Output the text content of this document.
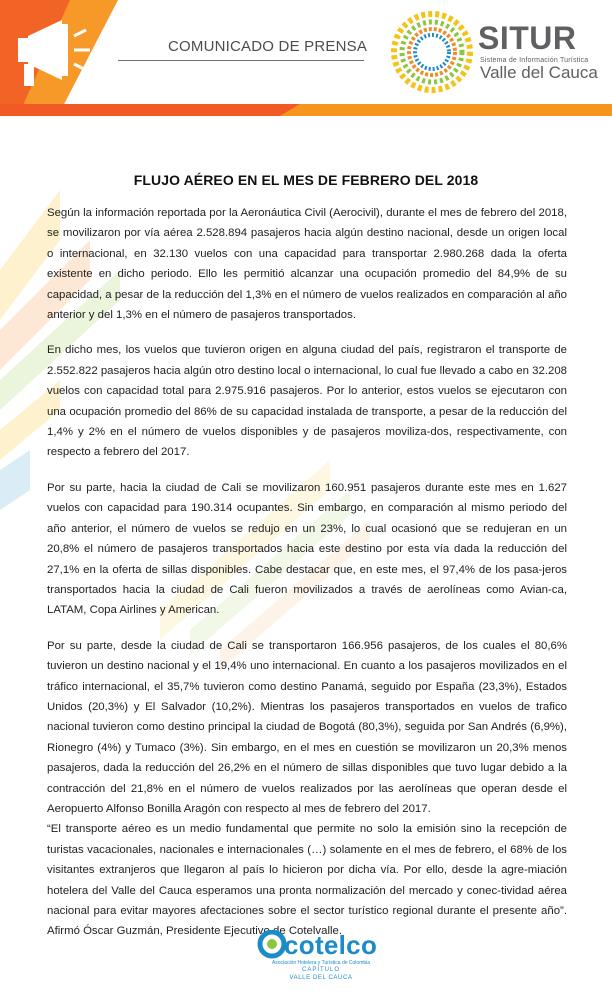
COMUNICADO DE PRENSA	SITUR
Sistema de Información Turística
Valle del Cauca
FLUJO AÉREO EN EL MES DE FEBRERO DEL 2018

Según la información reportada por la Aeronáutica Civil (Aerocivil), durante el mes de febrero del 2018, se movilizaron por vía aérea 2.528.894 pasajeros hacia algún destino nacional, desde un origen local o internacional, en 32.130 vuelos con una capacidad para transportar 2.980.268 dada la oferta existente en dicho periodo. Ello les permitió alcanzar una ocupación promedio del 84,9% de su capacidad, a pesar de la reducción del 1,3% en el número de vuelos realizados en comparación al año anterior y del 1,3% en el número de pasajeros transportados.

En dicho mes, los vuelos que tuvieron origen en alguna ciudad del país, registraron el transporte de 2.552.822 pasajeros hacia algún otro destino local o internacional, lo cual fue llevado a cabo en 32.208 vuelos con capacidad total para 2.975.916 pasajeros. Por lo anterior, estos vuelos se ejecutaron con una ocupación promedio del 86% de su capacidad instalada de transporte, a pesar de la reducción del 1,4% y 2% en el número de vuelos disponibles y de pasajeros moviliza-dos, respectivamente, con respecto a febrero del 2017.

Por su parte, hacia la ciudad de Cali se movilizaron 160.951 pasajeros durante este mes en 1.627 vuelos con capacidad para 190.314 ocupantes. Sin embargo, en comparación al mismo periodo del año anterior, el número de vuelos se redujo en un 23%, lo cual ocasionó que se redujeran en un 20,8% el número de pasajeros transportados hacia este destino por esta vía dada la reducción del 27,1% en la oferta de sillas disponibles. Cabe destacar que, en este mes, el 97,4% de los pasa-jeros transportados hacia la ciudad de Cali fueron movilizados a través de aerolíneas como Avian-ca, LATAM, Copa Airlines y American.

Por su parte, desde la ciudad de Cali se transportaron 166.956 pasajeros, de los cuales el 80,6% tuvieron un destino nacional y el 19,4% uno internacional. En cuanto a los pasajeros movilizados en el tráfico internacional, el 35,7% tuvieron como destino Panamá, seguido por España (23,3%), Estados Unidos (20,3%) y El Salvador (10,2%). Mientras los pasajeros transportados en vuelos de trafico nacional tuvieron como destino principal la ciudad de Bogotá (80,3%), seguida por San Andrés (6,9%), Rionegro (4%) y Tumaco (3%). Sin embargo, en el mes en cuestión se movilizaron un 20,3% menos pasajeros, dada la reducción del 26,2% en el número de sillas disponibles que tuvo lugar debido a la contracción del 21,8% en el número de vuelos realizados por las aerolíneas que operan desde el Aeropuerto Alfonso Bonilla Aragón con respecto al mes de febrero del 2017.

“El transporte aéreo es un medio fundamental que permite no solo la emisión sino la recepción de turistas vacacionales, nacionales e internacionales (…) solamente en el mes de febrero, el 68% de los visitantes extranjeros que llegaron al país lo hicieron por dicha vía. Por ello, desde la agre-miación hotelera del Valle del Cauca esperamos una pronta normalización del mercado y conec-tividad aérea nacional para evitar mayores afectaciones sobre el sector turístico regional durante el presente año”. Afirmó Óscar Guzmán, Presidente Ejecutivo de Cotelvalle.

cotelco
Asociación Hotelera y Turística de Colombia
CAPÍTULO
VALLE DEL CAUCA
